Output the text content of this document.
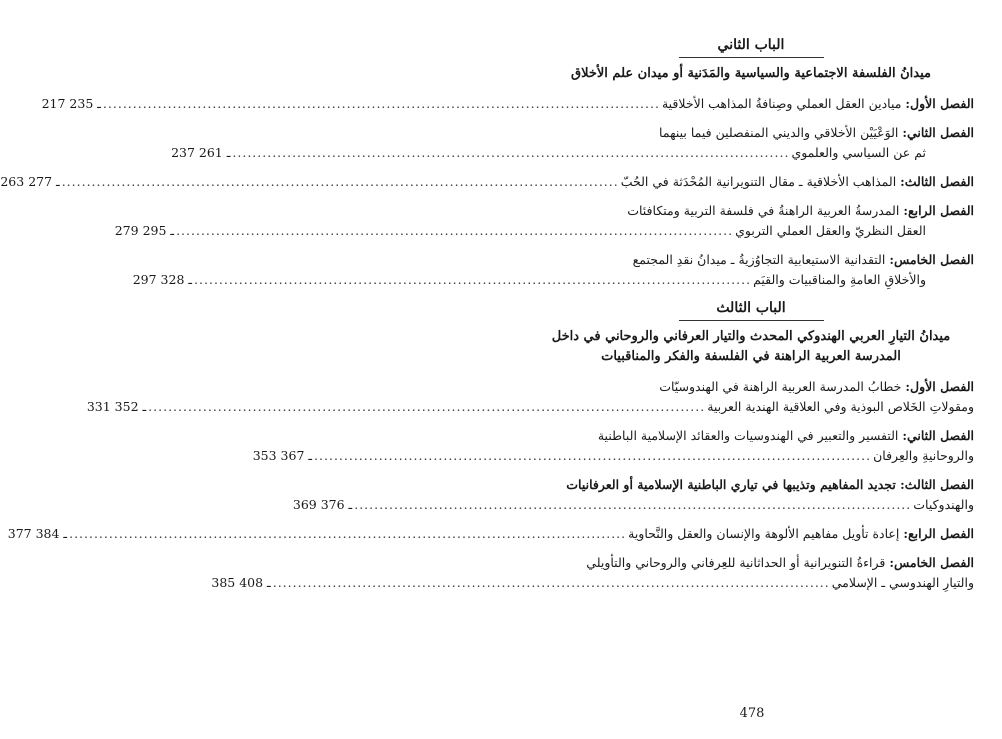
الباب الثاني
ميدانُ الفلسفة الاجتماعية والسياسية والمَدَنية أو ميدان علم الأخلاق
الفصل الأول: ميادين العقل العملي وصِنافةُ المذاهب الأخلاقية
.....
217 ـ 235
الفصل الثاني: الوَعْيَيْن الأخلاقي والديني المنفصلين فيما بينهما
ثم عن السياسي والعلموي
.....
237 ـ 261
الفصل الثالث: المذاهب الأخلاقية ـ مقال التنويرانية المُحْدَثة في الحُبّ
.....
263 ـ 277
الفصل الرابع: المدرسةُ العربية الراهنةُ في فلسفة التربية ومتكافئات
العقل النظريّ والعقل العملي التربوي
.....
279 ـ 295
الفصل الخامس: التقدانية الاستيعابية التجاوُزيةُ ـ ميدانُ نقدِ المجتمع
والأخلاقِ العامةِ والمناقبيات والقيَم
.....
297 ـ 328
الباب الثالث
ميدانُ التيارِ العربي الهندوكي المحدث والتيار العرفاني والروحاني في داخل المدرسة العربية الراهنة في الفلسفة والفكر والمناقبيات
الفصل الأول: خطابُ المدرسة العربية الراهنة في الهندوسيّات
ومقولاتِ الخَلاص البوذية وفي العلاقية الهندية العربية
.....
331 ـ 352
الفصل الثاني: التفسير والتعبير في الهندوسيات والعقائد الإسلامية الباطنية
والروحانيةِ والعِرفان
.....
353 ـ 367
الفصل الثالث: تجديد المفاهيم وتذيبها في تياري الباطنية الإسلامية أو العرفانيات
والهندوكيات
.....
369 ـ 376
الفصل الرابع: إعادة تأويل مفاهيم الألوهة والإنسان والعقل والنَّحاوية
.....
377 ـ 384
الفصل الخامس: قراءةُ التنويرانية أو الحداثانية للعِرفاني والروحاني والتأويلي
والتيارِ الهندوسي ـ الإسلامي
.....
385 ـ 408
478
